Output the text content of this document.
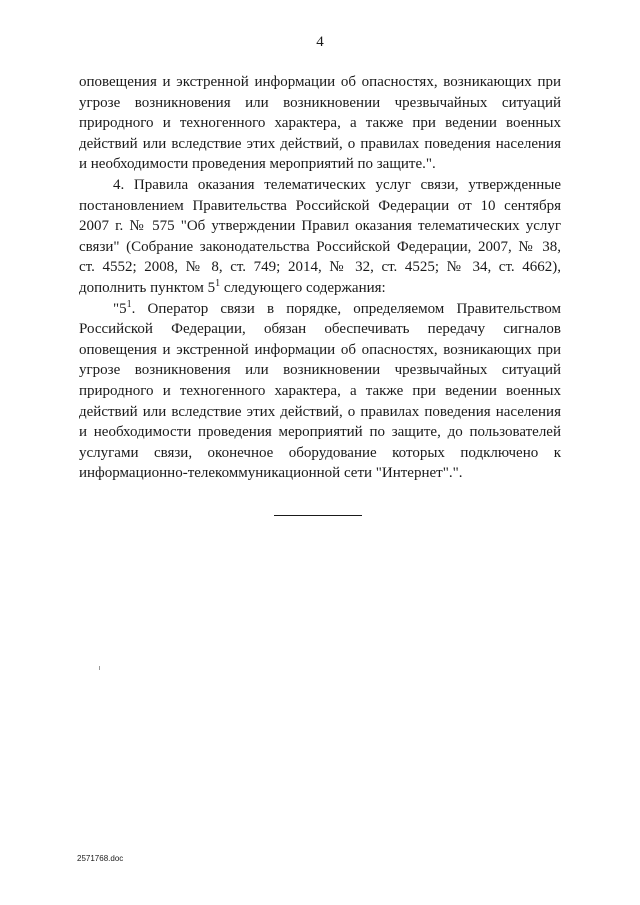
4
оповещения и экстренной информации об опасностях, возникающих при
угрозе возникновения или возникновении чрезвычайных ситуаций
природного и техногенного характера, а также при ведении военных
действий или вследствие этих действий, о правилах поведения населения
и необходимости проведения мероприятий по защите.".
4. Правила оказания телематических услуг связи, утвержденные
постановлением Правительства Российской Федерации от 10 сентября
2007 г. № 575 "Об утверждении Правил оказания телематических услуг
связи" (Собрание законодательства Российской Федерации, 2007, № 38,
ст. 4552; 2008, № 8, ст. 749; 2014, № 32, ст. 4525; № 34, ст. 4662),
дополнить пунктом $5^1$ следующего содержания:
"$5^1$. Оператор связи в порядке, определяемом Правительством
Российской Федерации, обязан обеспечивать передачу сигналов
оповещения и экстренной информации об опасностях, возникающих при
угрозе возникновения или возникновении чрезвычайных ситуаций
природного и техногенного характера, а также при ведении военных
действий или вследствие этих действий, о правилах поведения населения
и необходимости проведения мероприятий по защите, до пользователей
услугами связи, оконечное оборудование которых подключено к
информационно-телекоммуникационной сети "Интернет".".
2571768.doc
